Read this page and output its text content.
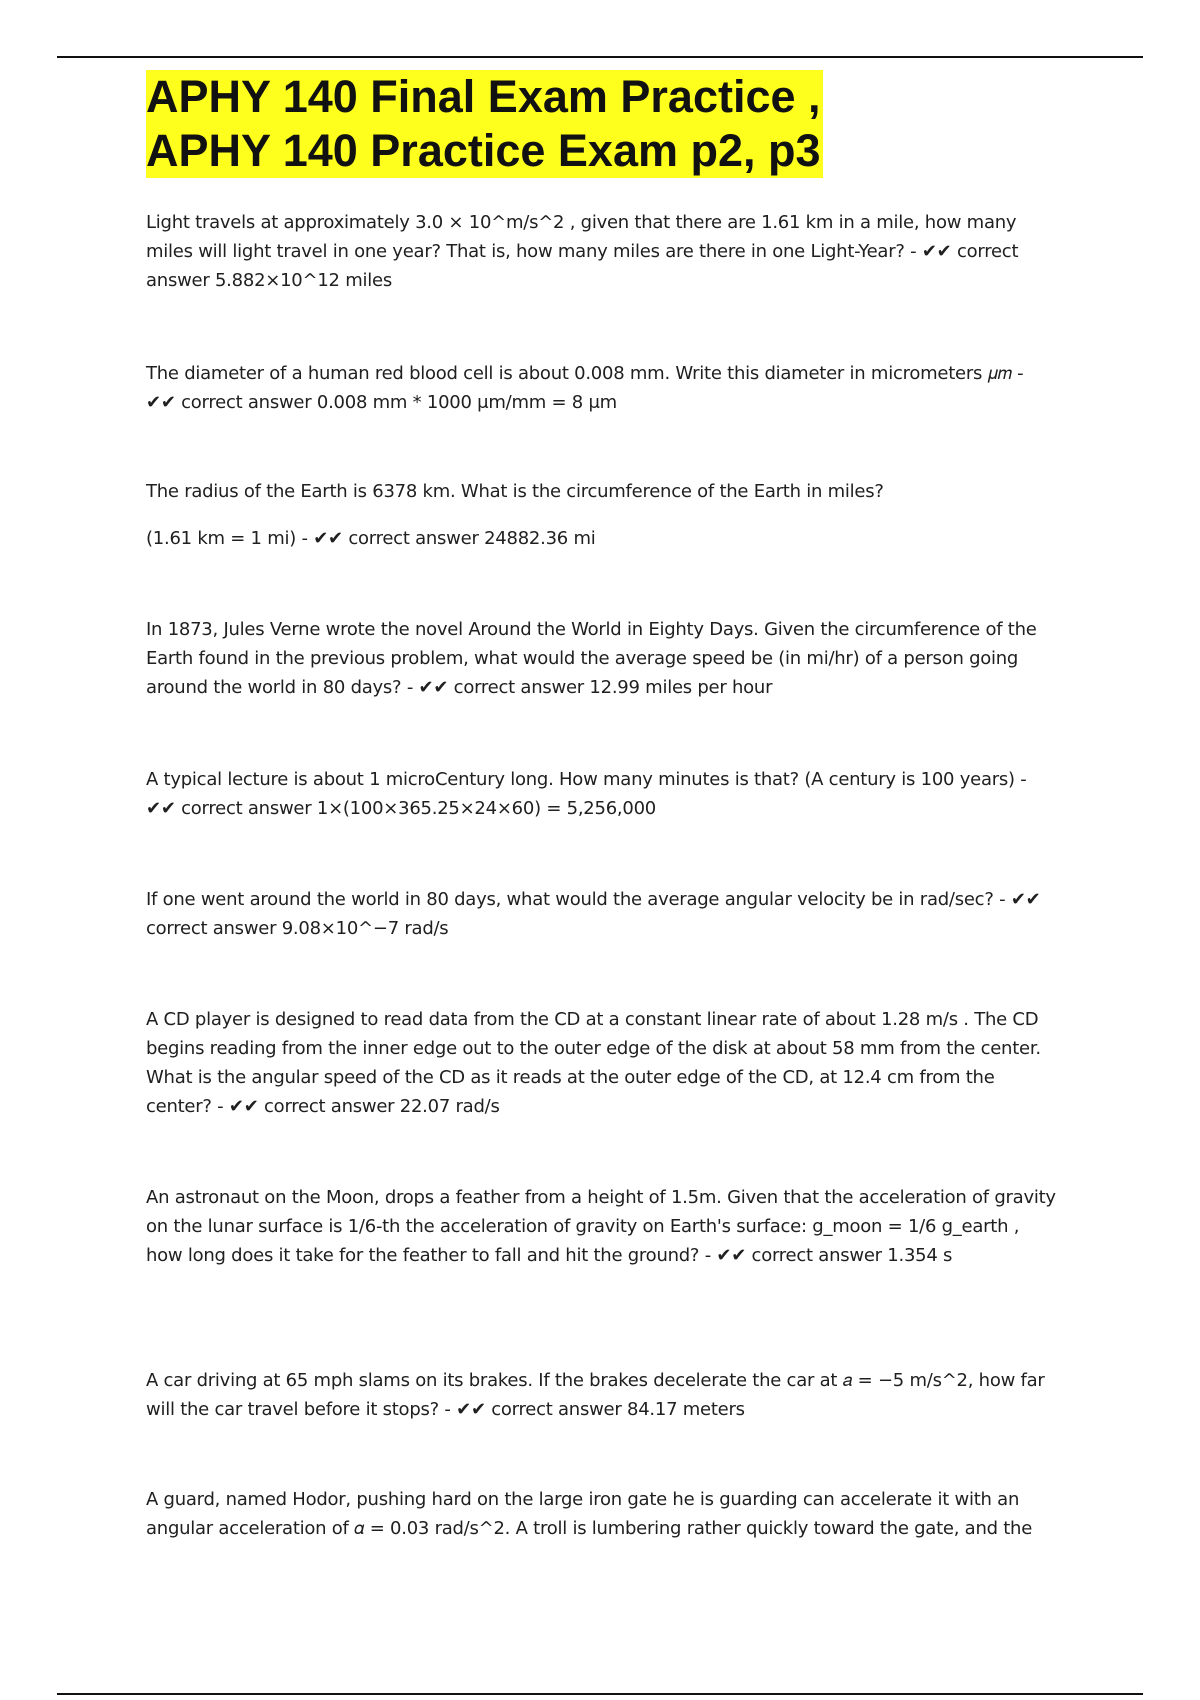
APHY 140 Final Exam Practice ,
APHY 140 Practice Exam p2, p3

Light travels at approximately 3.0 × 10^m/s^2 , given that there are 1.61 km in a mile, how many miles will light travel in one year? That is, how many miles are there in one Light-Year? - ✔✔ correct answer 5.882×10^12 miles

The diameter of a human red blood cell is about 0.008 mm. Write this diameter in micrometers 𝜇𝑚 - ✔✔ correct answer 0.008 mm * 1000 μm/mm = 8 μm

The radius of the Earth is 6378 km. What is the circumference of the Earth in miles?

(1.61 km = 1 mi) - ✔✔ correct answer 24882.36 mi

In 1873, Jules Verne wrote the novel Around the World in Eighty Days. Given the circumference of the Earth found in the previous problem, what would the average speed be (in mi/hr) of a person going around the world in 80 days? - ✔✔ correct answer 12.99 miles per hour

A typical lecture is about 1 microCentury long. How many minutes is that? (A century is 100 years) - ✔✔ correct answer 1×(100×365.25×24×60) = 5,256,000

If one went around the world in 80 days, what would the average angular velocity be in rad/sec? - ✔✔ correct answer 9.08×10^−7 rad/s

A CD player is designed to read data from the CD at a constant linear rate of about 1.28 m/s . The CD begins reading from the inner edge out to the outer edge of the disk at about 58 mm from the center. What is the angular speed of the CD as it reads at the outer edge of the CD, at 12.4 cm from the center? - ✔✔ correct answer 22.07 rad/s

An astronaut on the Moon, drops a feather from a height of 1.5m. Given that the acceleration of gravity on the lunar surface is 1/6-th the acceleration of gravity on Earth's surface: g_moon = 1/6 g_earth , how long does it take for the feather to fall and hit the ground? - ✔✔ correct answer 1.354 s

A car driving at 65 mph slams on its brakes. If the brakes decelerate the car at 𝑎 = −5 m/s^2, how far will the car travel before it stops? - ✔✔ correct answer 84.17 meters

A guard, named Hodor, pushing hard on the large iron gate he is guarding can accelerate it with an angular acceleration of 𝛼 = 0.03 rad/s^2. A troll is lumbering rather quickly toward the gate, and the
